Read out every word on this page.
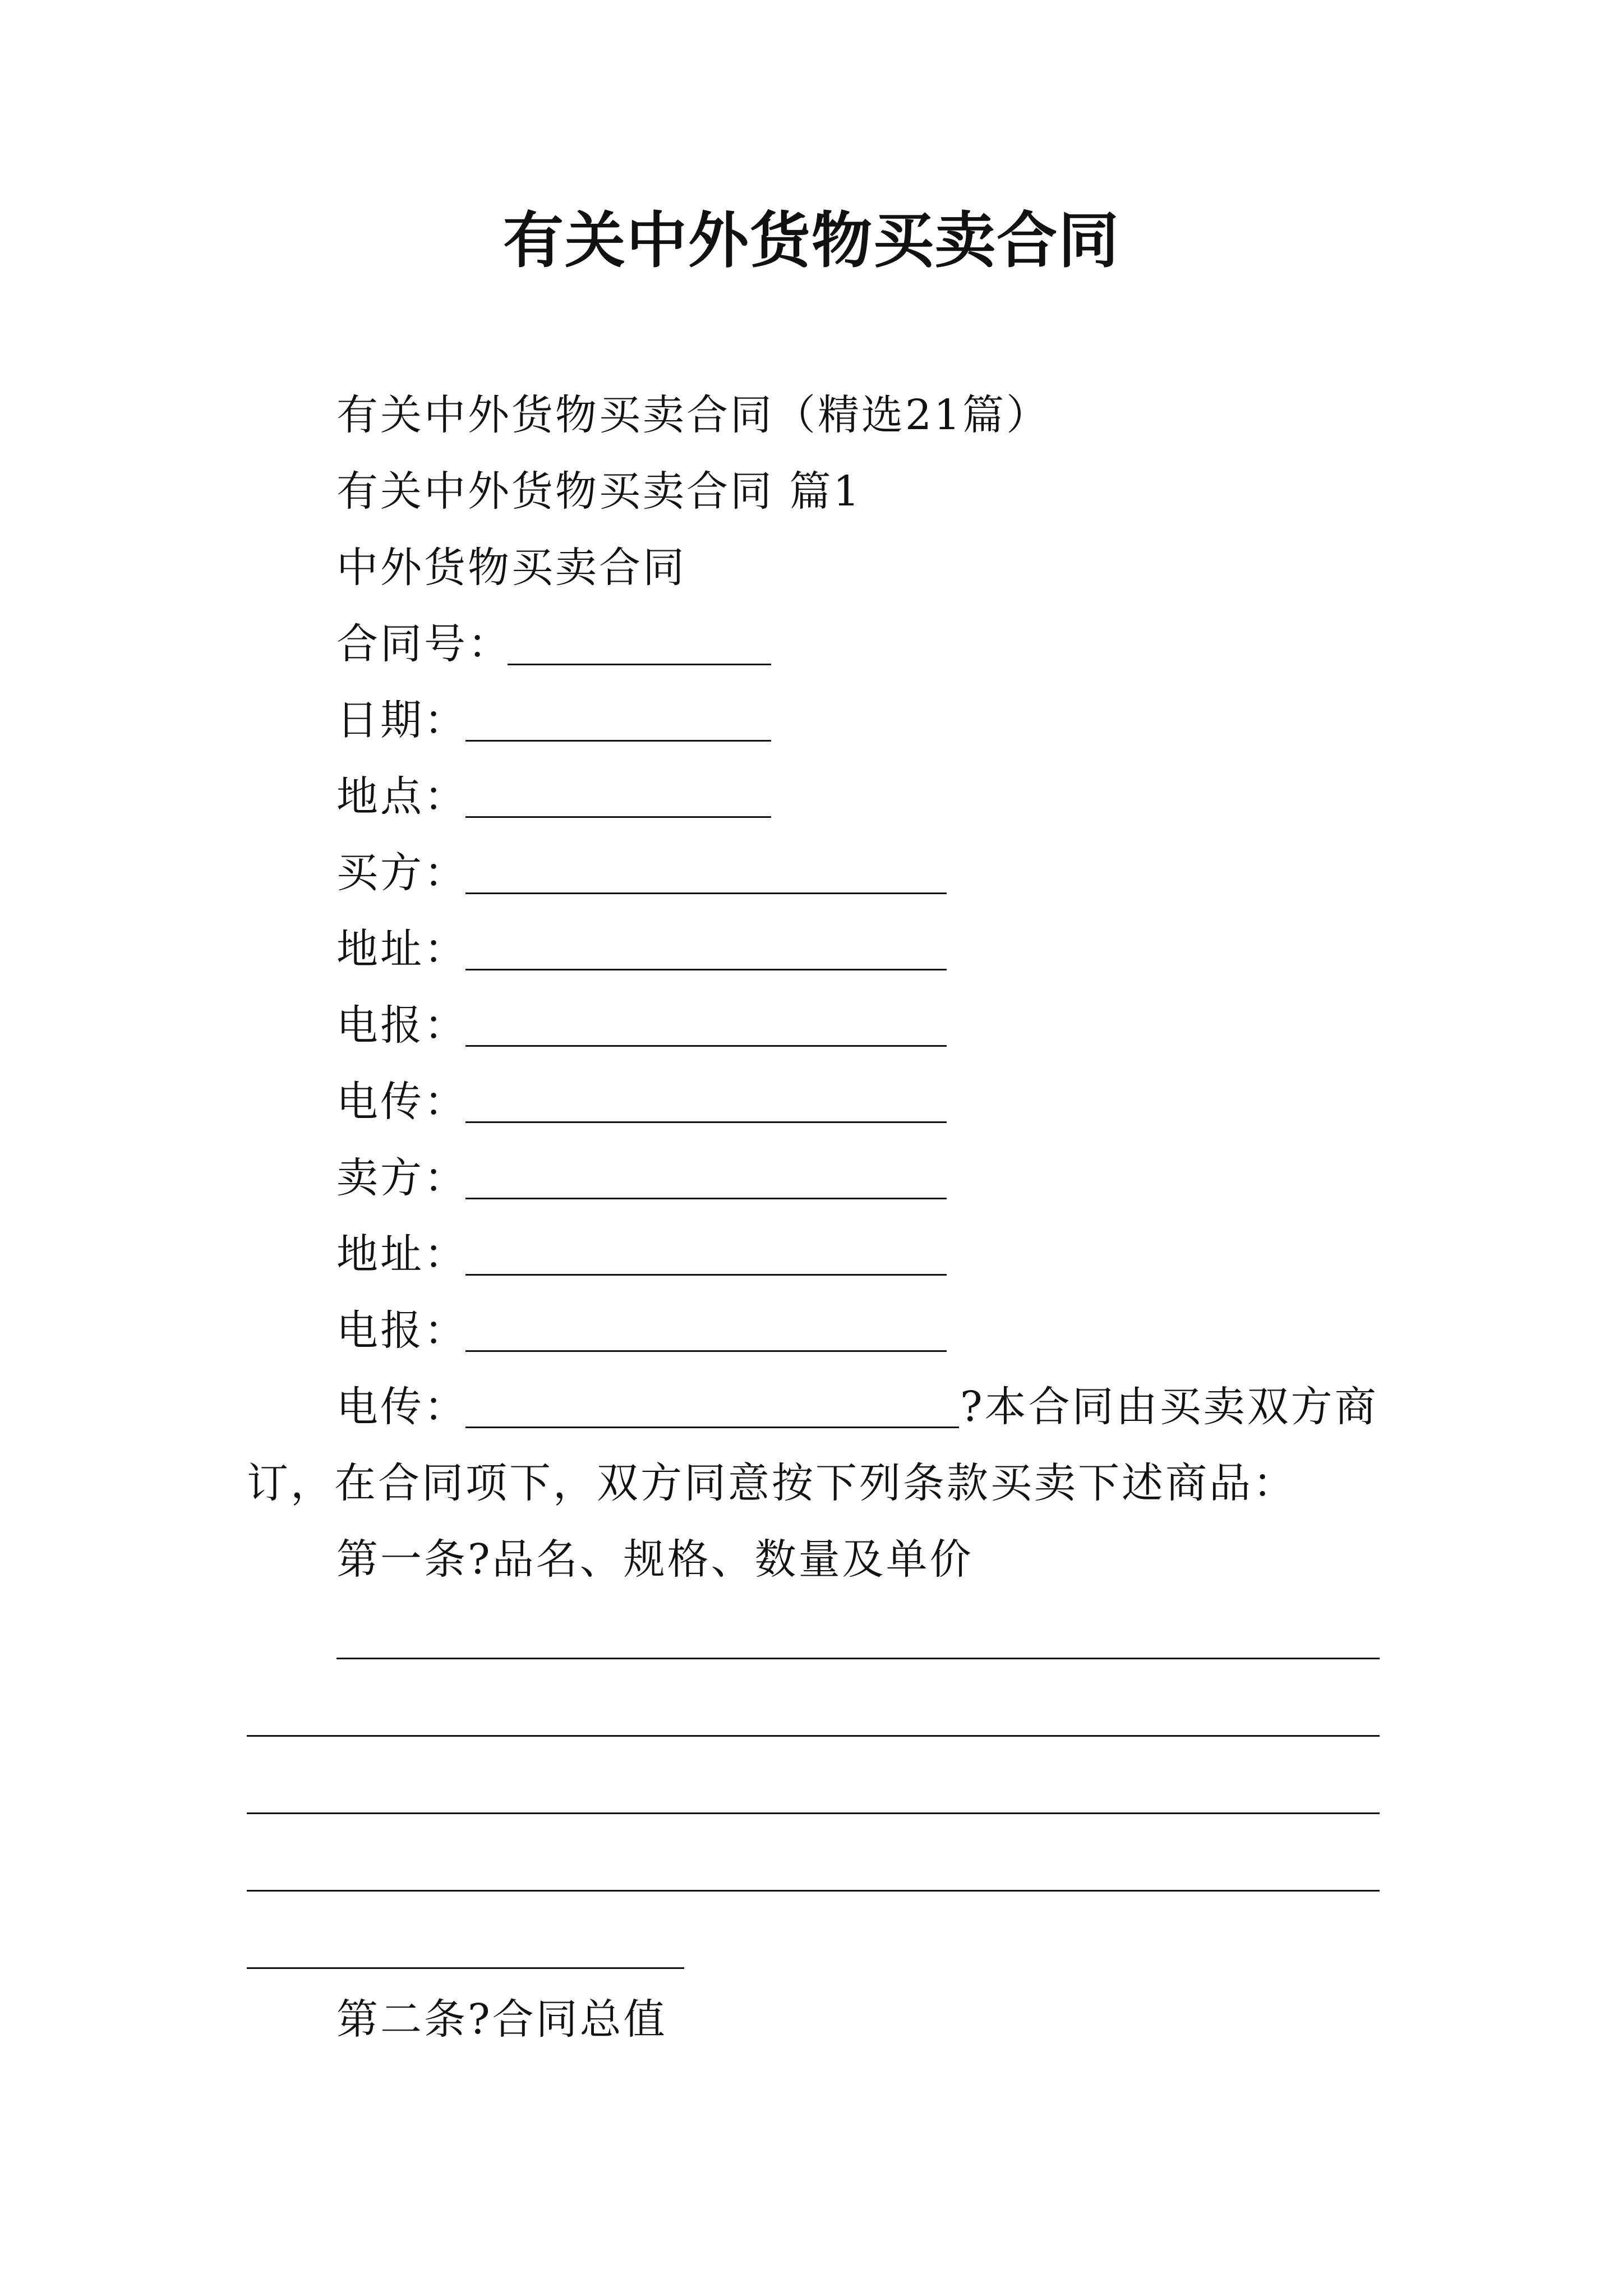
有关中外货物买卖合同
有关中外货物买卖合同（精选21篇）
有关中外货物买卖合同 篇1
中外货物买卖合同
合同号：
日期：
地点：
买方：
地址：
电报：
电传：
卖方：
地址：
电报：
电传：	?本合同由买卖双方商
订，在合同项下，双方同意按下列条款买卖下述商品：
第一条?品名、规格、数量及单价
第二条?合同总值
